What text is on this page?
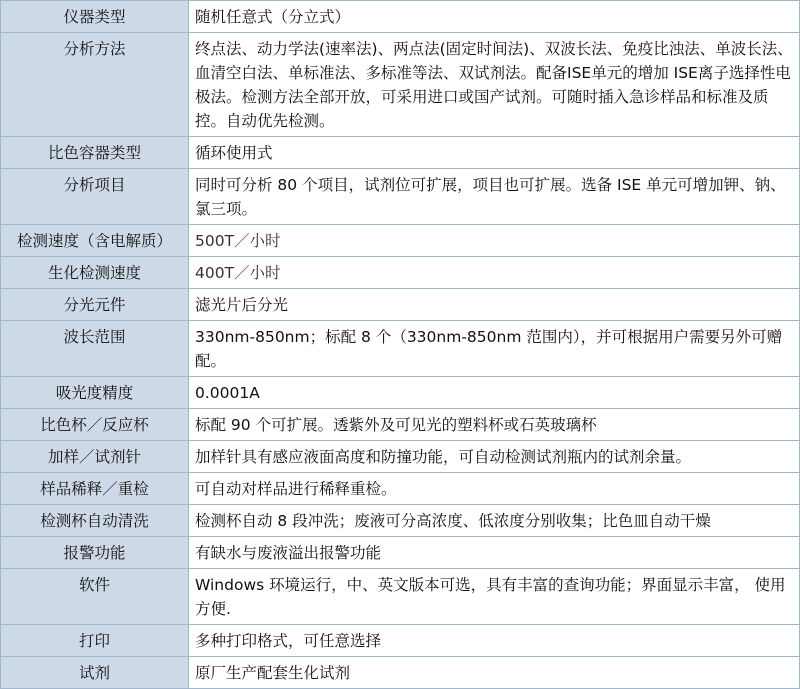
仪器类型	随机任意式（分立式）
分析方法	终点法、动力学法(速率法)、两点法(固定时间法)、双波长法、免疫比浊法、单波长法、血清空白法、单标准法、多标准等法、双试剂法。配备ISE单元的增加 ISE离子选择性电极法。检测方法全部开放，可采用进口或国产试剂。可随时插入急诊样品和标准及质控。自动优先检测。
比色容器类型	循环使用式
分析项目	同时可分析 80 个项目，试剂位可扩展，项目也可扩展。选备 ISE 单元可增加钾、钠、氯三项。
检测速度（含电解质）	500T／小时
生化检测速度	400T／小时
分光元件	滤光片后分光
波长范围	330nm-850nm；标配 8 个（330nm-850nm 范围内），并可根据用户需要另外可赠配。
吸光度精度	0.0001A
比色杯／反应杯	标配 90 个可扩展。透紫外及可见光的塑料杯或石英玻璃杯
加样／试剂针	加样针具有感应液面高度和防撞功能，可自动检测试剂瓶内的试剂余量。
样品稀释／重检	可自动对样品进行稀释重检。
检测杯自动清洗	检测杯自动 8 段冲洗；废液可分高浓度、低浓度分别收集；比色皿自动干燥
报警功能	有缺水与废液溢出报警功能
软件	Windows 环境运行，中、英文版本可选，具有丰富的查询功能；界面显示丰富， 使用方便.
打印	多种打印格式，可任意选择
试剂	原厂生产配套生化试剂
